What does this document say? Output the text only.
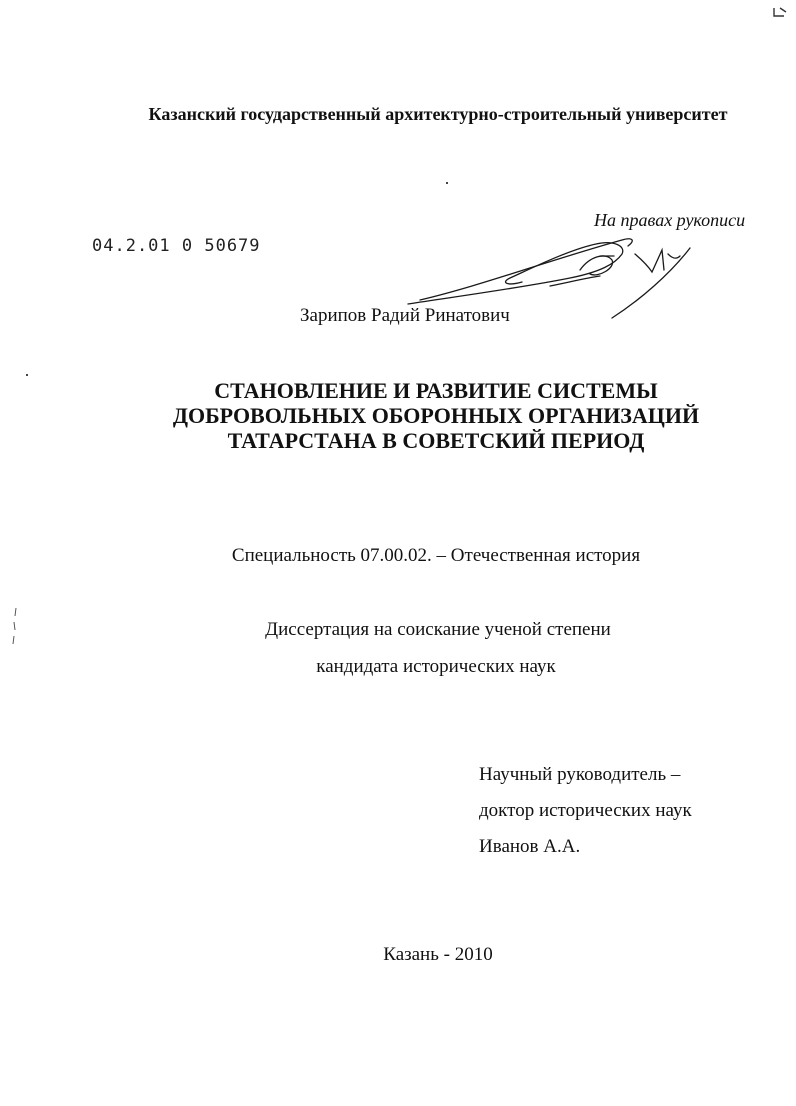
Казанский государственный архитектурно-строительный университет
На правах рукописи
04.2.01 0 50679
Зарипов Радий Ринатович
СТАНОВЛЕНИЕ И РАЗВИТИЕ СИСТЕМЫ
ДОБРОВОЛЬНЫХ ОБОРОННЫХ ОРГАНИЗАЦИЙ
ТАТАРСТАНА В СОВЕТСКИЙ ПЕРИОД
Специальность 07.00.02. – Отечественная история
Диссертация на соискание ученой степени
кандидата исторических наук
Научный руководитель –
доктор исторических наук
Иванов А.А.
Казань - 2010
